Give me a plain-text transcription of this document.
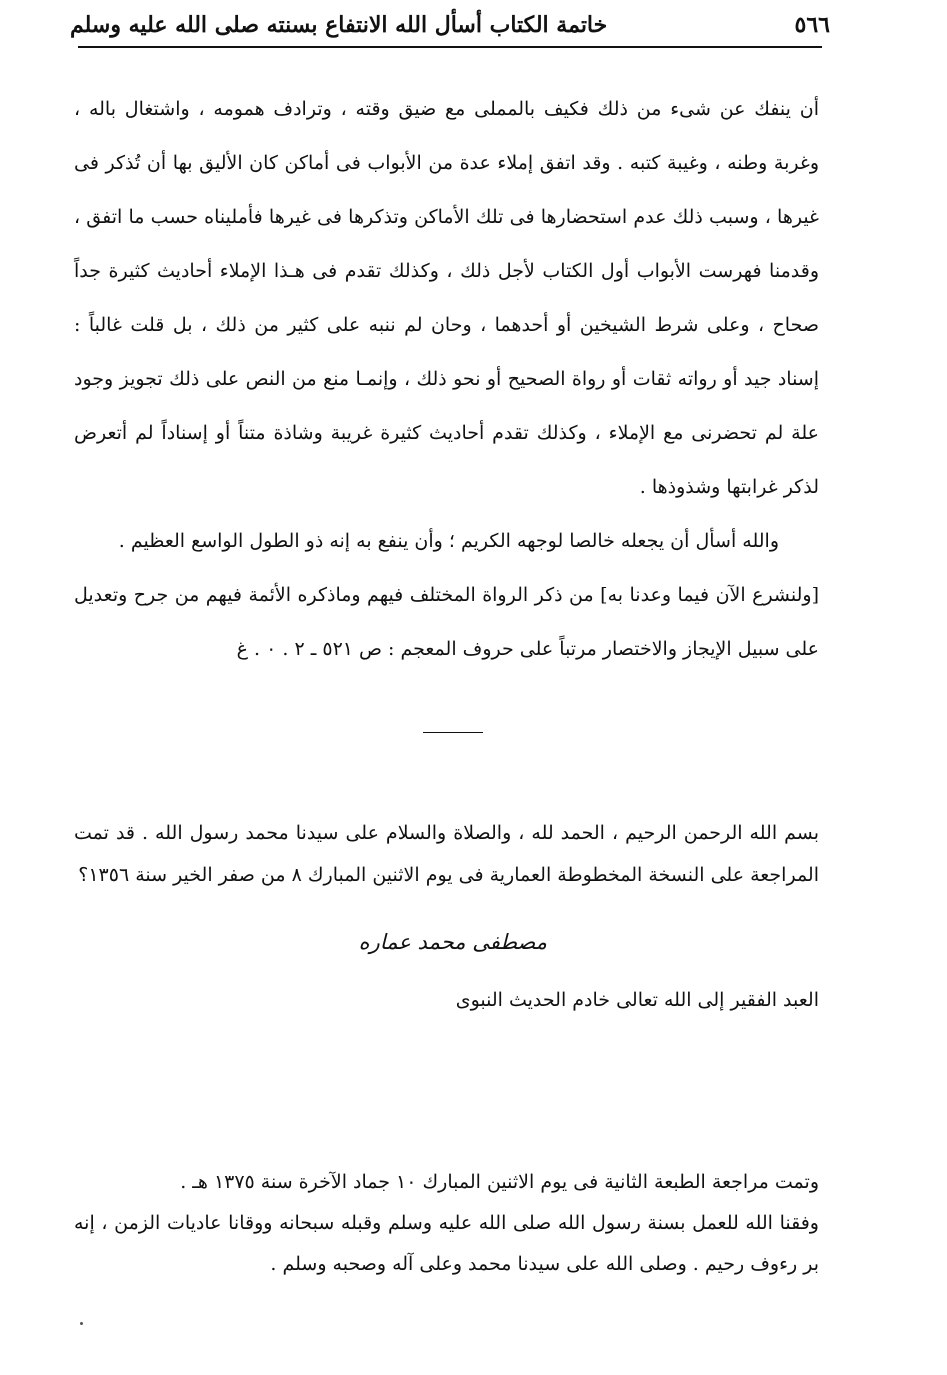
٥٦٦
خاتمة الكتاب أسأل الله الانتفاع بسنته صلى الله عليه وسلم

أن ينفك عن شىء من ذلك فكيف بالمملى مع ضيق وقته ، وترادف همومه ، واشتغال باله ، وغربة وطنه ، وغيبة كتبه . وقد اتفق إملاء عدة من الأبواب فى أماكن كان الأليق بها أن تُذكر فى غيرها ، وسبب ذلك عدم استحضارها فى تلك الأماكن وتذكرها فى غيرها فأمليناه حسب ما اتفق ، وقدمنا فهرست الأبواب أول الكتاب لأجل ذلك ، وكذلك تقدم فى هـذا الإملاء أحاديث كثيرة جداً صحاح ، وعلى شرط الشيخين أو أحدهما ، وحان لم ننبه على كثير من ذلك ، بل قلت غالباً : إسناد جيد أو رواته ثقات أو رواة الصحيح أو نحو ذلك ، وإنمـا منع من النص على ذلك تجويز وجود علة لم تحضرنى مع الإملاء ، وكذلك تقدم أحاديث كثيرة غريبة وشاذة متناً أو إسناداً لم أتعرض لذكر غرابتها وشذوذها .

والله أسأل أن يجعله خالصا لوجهه الكريم ؛ وأن ينفع به إنه ذو الطول الواسع العظيم .

[ولنشرع الآن فيما وعدنا به] من ذكر الرواة المختلف فيهم وماذكره الأئمة فيهم من جرح وتعديل على سبيل الإيجاز والاختصار مرتباً على حروف المعجم : ص ٥٢١ ـ ٢ . ٠ . غ

بسم الله الرحمن الرحيم ، الحمد لله ، والصلاة والسلام على سيدنا محمد رسول الله . قد تمت المراجعة على النسخة المخطوطة العمارية فى يوم الاثنين المبارك ٨ من صفر الخير سنة ١٣٥٦؟

مصطفى محمد عماره
العبد الفقير إلى الله تعالى خادم الحديث النبوى

وتمت مراجعة الطبعة الثانية فى يوم الاثنين المبارك ١٠ جماد الآخرة سنة ١٣٧٥ هـ .

وفقنا الله للعمل بسنة رسول الله صلى الله عليه وسلم وقبله سبحانه ووقانا عاديات الزمن ، إنه بر رءوف رحيم . وصلى الله على سيدنا محمد وعلى آله وصحبه وسلم .
